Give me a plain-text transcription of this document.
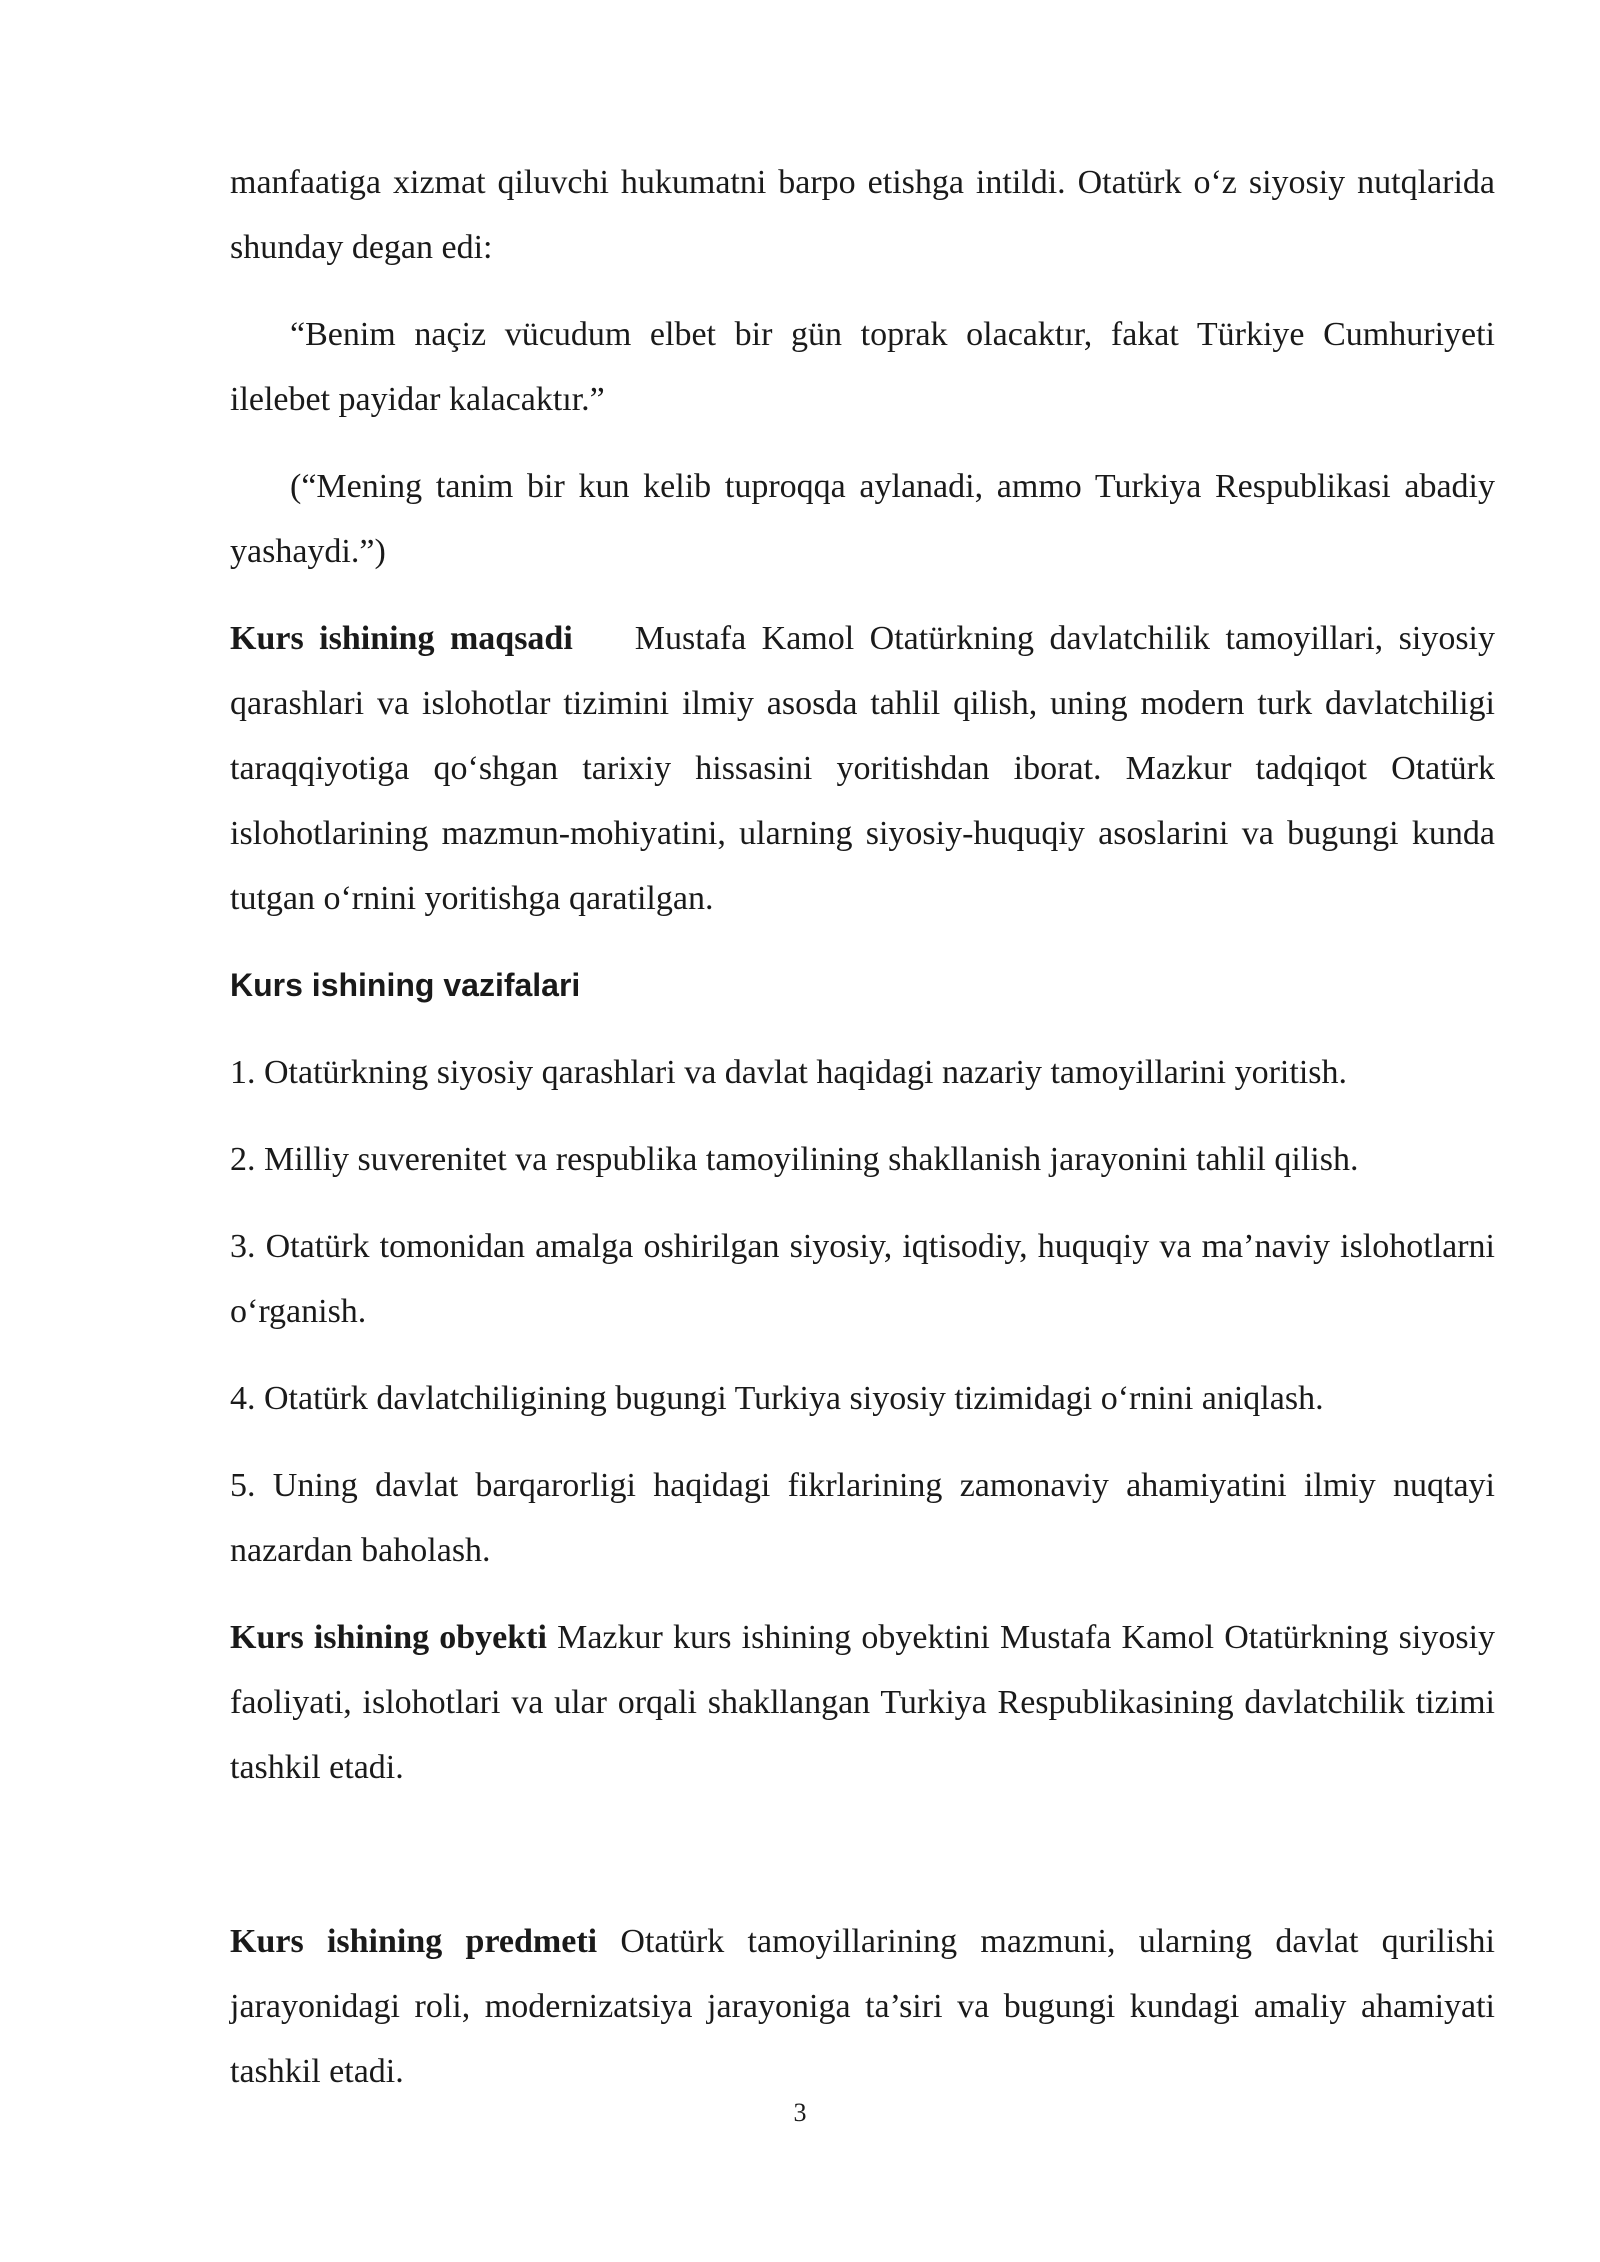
manfaatiga xizmat qiluvchi hukumatni barpo etishga intildi. Otatürk o‘z siyosiy nutqlarida shunday degan edi:

“Benim naçiz vücudum elbet bir gün toprak olacaktır, fakat Türkiye Cumhuriyeti ilelebet payidar kalacaktır.”

(“Mening tanim bir kun kelib tuproqqa aylanadi, ammo Turkiya Respublikasi abadiy yashaydi.”)

Kurs ishining maqsadi Mustafa Kamol Otatürkning davlatchilik tamoyillari, siyosiy qarashlari va islohotlar tizimini ilmiy asosda tahlil qilish, uning modern turk davlatchiligi taraqqiyotiga qo‘shgan tarixiy hissasini yoritishdan iborat. Mazkur tadqiqot Otatürk islohotlarining mazmun-mohiyatini, ularning siyosiy-huquqiy asoslarini va bugungi kunda tutgan o‘rnini yoritishga qaratilgan.

Kurs ishining vazifalari
1. Otatürkning siyosiy qarashlari va davlat haqidagi nazariy tamoyillarini yoritish.
2. Milliy suverenitet va respublika tamoyilining shakllanish jarayonini tahlil qilish.
3. Otatürk tomonidan amalga oshirilgan siyosiy, iqtisodiy, huquqiy va ma’naviy islohotlarni o‘rganish.
4. Otatürk davlatchiligining bugungi Turkiya siyosiy tizimidagi o‘rnini aniqlash.
5. Uning davlat barqarorligi haqidagi fikrlarining zamonaviy ahamiyatini ilmiy nuqtayi nazardan baholash.

Kurs ishining obyekti Mazkur kurs ishining obyektini Mustafa Kamol Otatürkning siyosiy faoliyati, islohotlari va ular orqali shakllangan Turkiya Respublikasining davlatchilik tizimi tashkil etadi.

Kurs ishining predmeti Otatürk tamoyillarining mazmuni, ularning davlat qurilishi jarayonidagi roli, modernizatsiya jarayoniga ta’siri va bugungi kundagi amaliy ahamiyati tashkil etadi.

3
